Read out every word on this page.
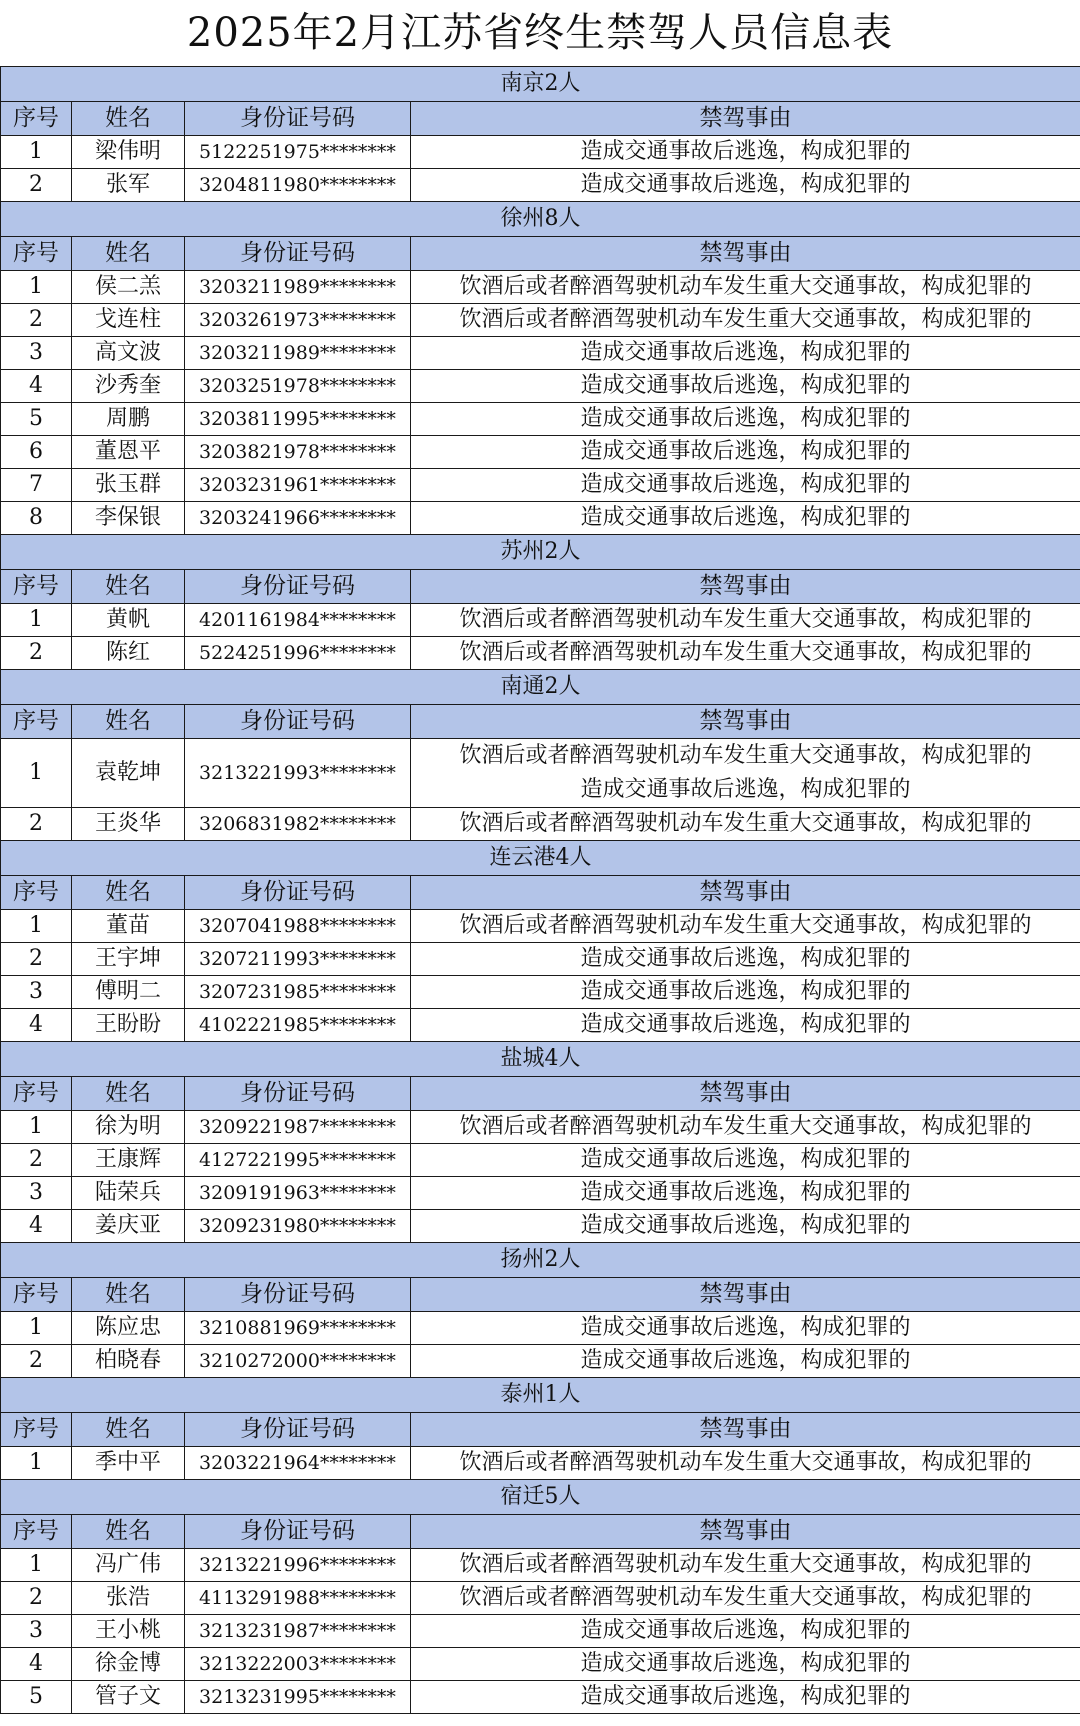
2025年2月江苏省终生禁驾人员信息表
南京2人			
序号	姓名	身份证号码	禁驾事由
1	梁伟明	5122251975********	造成交通事故后逃逸，构成犯罪的

2	张军	3204811980********	造成交通事故后逃逸，构成犯罪的

徐州8人			
序号	姓名	身份证号码	禁驾事由
1	侯二羔	3203211989********	饮酒后或者醉酒驾驶机动车发生重大交通事故，构成犯罪的

2	戈连柱	3203261973********	饮酒后或者醉酒驾驶机动车发生重大交通事故，构成犯罪的

3	高文波	3203211989********	造成交通事故后逃逸，构成犯罪的

4	沙秀奎	3203251978********	造成交通事故后逃逸，构成犯罪的

5	周鹏	3203811995********	造成交通事故后逃逸，构成犯罪的

6	董恩平	3203821978********	造成交通事故后逃逸，构成犯罪的

7	张玉群	3203231961********	造成交通事故后逃逸，构成犯罪的

8	李保银	3203241966********	造成交通事故后逃逸，构成犯罪的

苏州2人			
序号	姓名	身份证号码	禁驾事由
1	黄帆	4201161984********	饮酒后或者醉酒驾驶机动车发生重大交通事故，构成犯罪的

2	陈红	5224251996********	饮酒后或者醉酒驾驶机动车发生重大交通事故，构成犯罪的

南通2人			
序号	姓名	身份证号码	禁驾事由
1	袁乾坤	3213221993********	饮酒后或者醉酒驾驶机动车发生重大交通事故，构成犯罪的
造成交通事故后逃逸，构成犯罪的

2	王炎华	3206831982********	饮酒后或者醉酒驾驶机动车发生重大交通事故，构成犯罪的

连云港4人			
序号	姓名	身份证号码	禁驾事由
1	董苗	3207041988********	饮酒后或者醉酒驾驶机动车发生重大交通事故，构成犯罪的

2	王宇坤	3207211993********	造成交通事故后逃逸，构成犯罪的

3	傅明二	3207231985********	造成交通事故后逃逸，构成犯罪的

4	王盼盼	4102221985********	造成交通事故后逃逸，构成犯罪的

盐城4人			
序号	姓名	身份证号码	禁驾事由
1	徐为明	3209221987********	饮酒后或者醉酒驾驶机动车发生重大交通事故，构成犯罪的

2	王康辉	4127221995********	造成交通事故后逃逸，构成犯罪的

3	陆荣兵	3209191963********	造成交通事故后逃逸，构成犯罪的

4	姜庆亚	3209231980********	造成交通事故后逃逸，构成犯罪的

扬州2人			
序号	姓名	身份证号码	禁驾事由
1	陈应忠	3210881969********	造成交通事故后逃逸，构成犯罪的

2	柏晓春	3210272000********	造成交通事故后逃逸，构成犯罪的

泰州1人			
序号	姓名	身份证号码	禁驾事由
1	季中平	3203221964********	饮酒后或者醉酒驾驶机动车发生重大交通事故，构成犯罪的

宿迁5人			
序号	姓名	身份证号码	禁驾事由
1	冯广伟	3213221996********	饮酒后或者醉酒驾驶机动车发生重大交通事故，构成犯罪的

2	张浩	4113291988********	饮酒后或者醉酒驾驶机动车发生重大交通事故，构成犯罪的

3	王小桃	3213231987********	造成交通事故后逃逸，构成犯罪的

4	徐金博	3213222003********	造成交通事故后逃逸，构成犯罪的

5	管子文	3213231995********	造成交通事故后逃逸，构成犯罪的
